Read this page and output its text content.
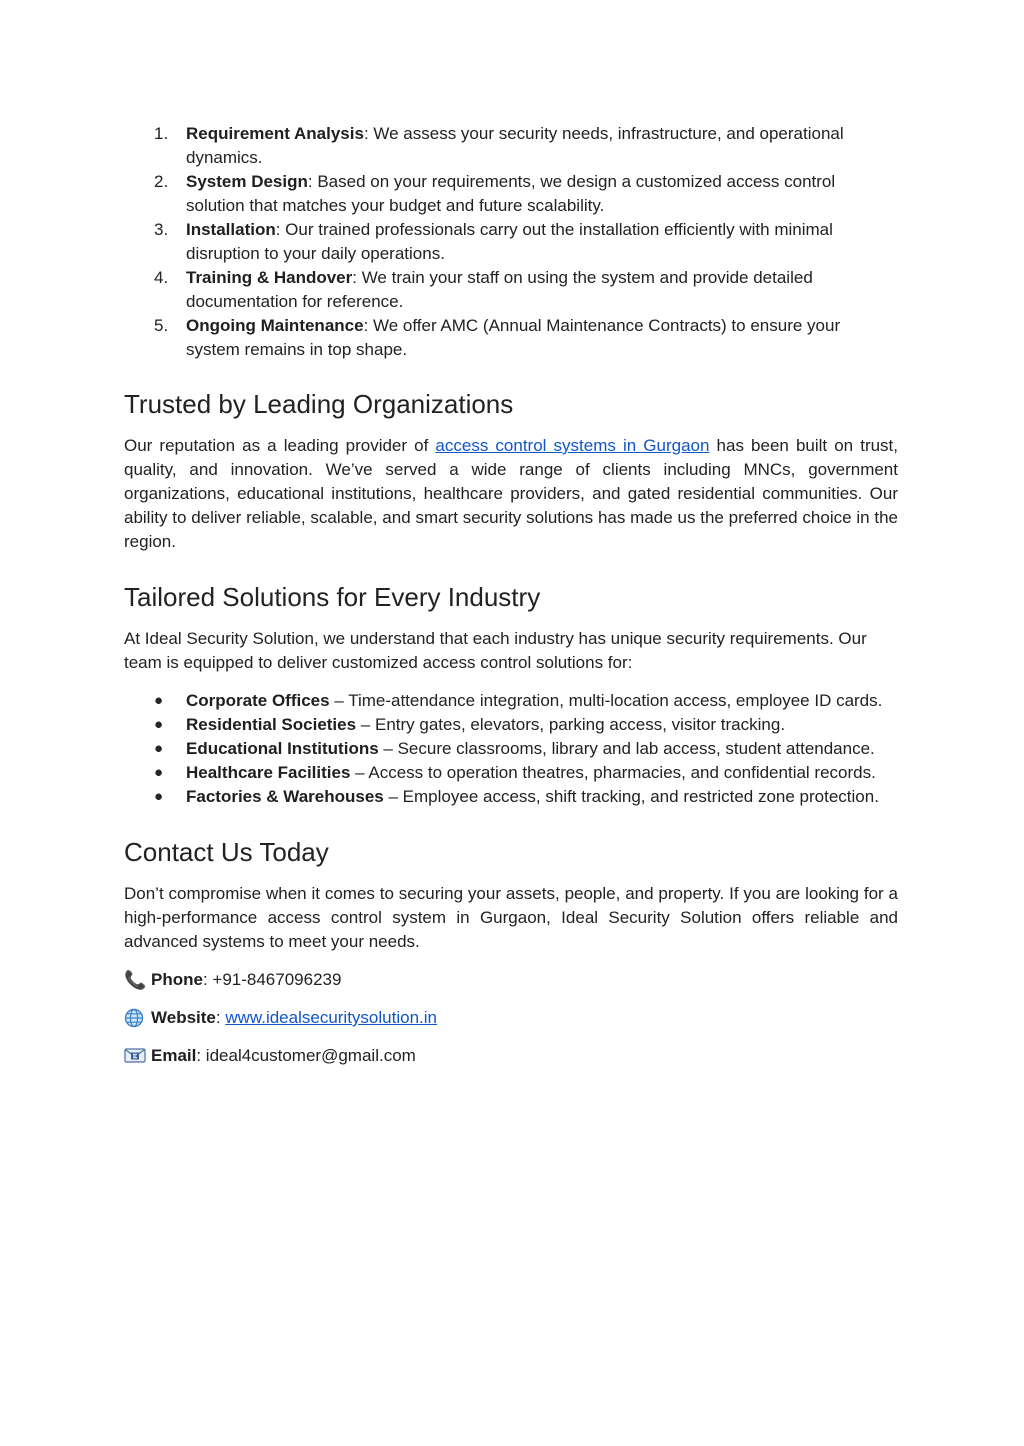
1. Requirement Analysis: We assess your security needs, infrastructure, and operational dynamics.
2. System Design: Based on your requirements, we design a customized access control solution that matches your budget and future scalability.
3. Installation: Our trained professionals carry out the installation efficiently with minimal disruption to your daily operations.
4. Training & Handover: We train your staff on using the system and provide detailed documentation for reference.
5. Ongoing Maintenance: We offer AMC (Annual Maintenance Contracts) to ensure your system remains in top shape.
Trusted by Leading Organizations

Our reputation as a leading provider of access control systems in Gurgaon has been built on trust, quality, and innovation. We’ve served a wide range of clients including MNCs, government organizations, educational institutions, healthcare providers, and gated residential communities. Our ability to deliver reliable, scalable, and smart security solutions has made us the preferred choice in the region.

Tailored Solutions for Every Industry

At Ideal Security Solution, we understand that each industry has unique security requirements. Our team is equipped to deliver customized access control solutions for:

● Corporate Offices – Time-attendance integration, multi-location access, employee ID cards.
● Residential Societies – Entry gates, elevators, parking access, visitor tracking.
● Educational Institutions – Secure classrooms, library and lab access, student attendance.
● Healthcare Facilities – Access to operation theatres, pharmacies, and confidential records.
● Factories & Warehouses – Employee access, shift tracking, and restricted zone protection.
Contact Us Today

Don’t compromise when it comes to securing your assets, people, and property. If you are looking for a high-performance access control system in Gurgaon, Ideal Security Solution offers reliable and advanced systems to meet your needs.

📞 Phone : +91-8467096239

Website : www.idealsecuritysolution.in

Email : ideal4customer@gmail.com
